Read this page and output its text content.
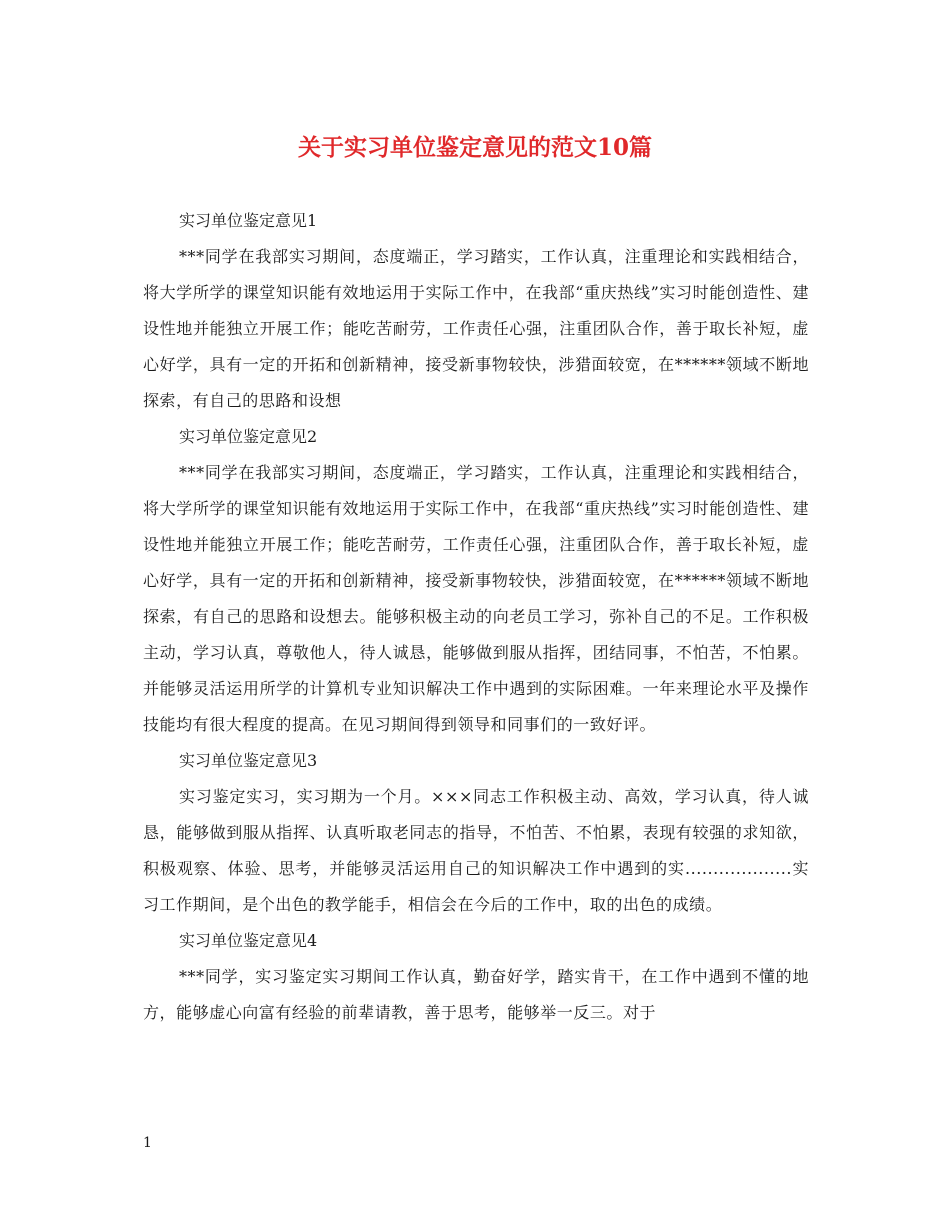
关于实习单位鉴定意见的范文10篇

实习单位鉴定意见1

***同学在我部实习期间，态度端正，学习踏实，工作认真，注重理论和实践相结合，将大学所学的课堂知识能有效地运用于实际工作中，在我部“重庆热线”实习时能创造性、建设性地并能独立开展工作；能吃苦耐劳，工作责任心强，注重团队合作，善于取长补短，虚心好学，具有一定的开拓和创新精神，接受新事物较快，涉猎面较宽，在******领域不断地探索，有自己的思路和设想

实习单位鉴定意见2

***同学在我部实习期间，态度端正，学习踏实，工作认真，注重理论和实践相结合，将大学所学的课堂知识能有效地运用于实际工作中，在我部“重庆热线”实习时能创造性、建设性地并能独立开展工作；能吃苦耐劳，工作责任心强，注重团队合作，善于取长补短，虚心好学，具有一定的开拓和创新精神，接受新事物较快，涉猎面较宽，在******领域不断地探索，有自己的思路和设想去。能够积极主动的向老员工学习，弥补自己的不足。工作积极主动，学习认真，尊敬他人，待人诚恳，能够做到服从指挥，团结同事，不怕苦，不怕累。并能够灵活运用所学的计算机专业知识解决工作中遇到的实际困难。一年来理论水平及操作技能均有很大程度的提高。在见习期间得到领导和同事们的一致好评。

实习单位鉴定意见3

实习鉴定实习，实习期为一个月。×××同志工作积极主动、高效，学习认真，待人诚恳，能够做到服从指挥、认真听取老同志的指导，不怕苦、不怕累，表现有较强的求知欲，积极观察、体验、思考，并能够灵活运用自己的知识解决工作中遇到的实...................实习工作期间，是个出色的教学能手，相信会在今后的工作中，取的出色的成绩。

实习单位鉴定意见4

***同学，实习鉴定实习期间工作认真，勤奋好学，踏实肯干，在工作中遇到不懂的地方，能够虚心向富有经验的前辈请教，善于思考，能够举一反三。对于

1
